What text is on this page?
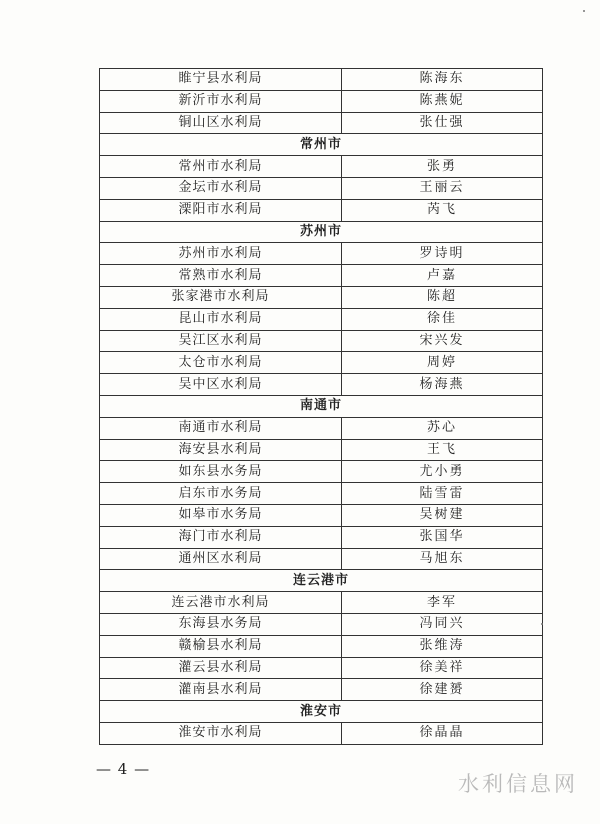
睢宁县水利局	陈海东
新沂市水利局	陈燕妮
铜山区水利局	张仕强
常州市	
常州市水利局	张勇
金坛市水利局	王丽云
溧阳市水利局	芮飞
苏州市	
苏州市水利局	罗诗明
常熟市水利局	卢嘉
张家港市水利局	陈超
昆山市水利局	徐佳
吴江区水利局	宋兴发
太仓市水利局	周婷
吴中区水利局	杨海燕
南通市	
南通市水利局	苏心
海安县水利局	王飞
如东县水务局	尤小勇
启东市水务局	陆雪雷
如皋市水务局	吴树建
海门市水利局	张国华
通州区水利局	马旭东
连云港市	
连云港市水利局	李军
东海县水务局	冯同兴
赣榆县水利局	张维涛
灌云县水利局	徐美祥
灌南县水利局	徐建赟
淮安市	
淮安市水利局	徐晶晶
— 4 —
水利信息网
